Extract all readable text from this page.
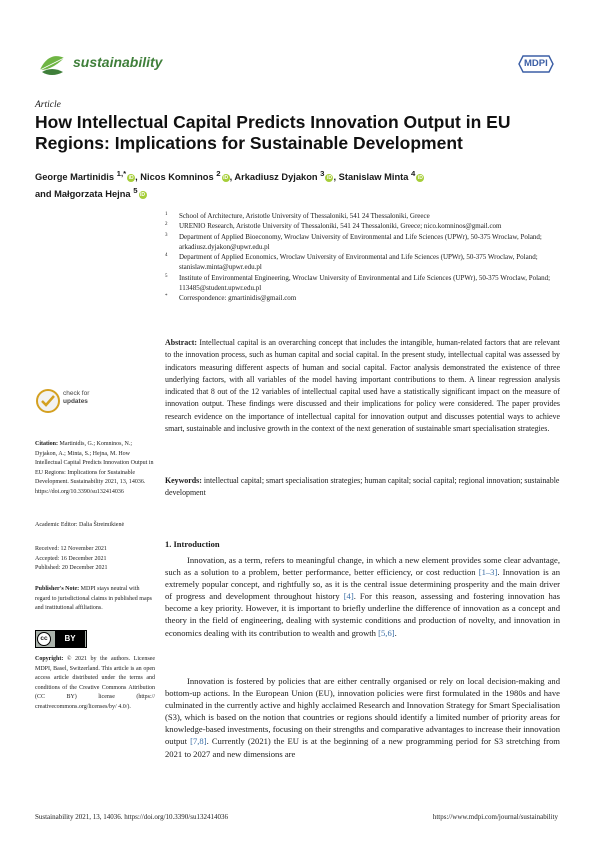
sustainability	MDPI
Article
How Intellectual Capital Predicts Innovation Output in EU Regions: Implications for Sustainable Development
George Martinidis $^{1,*}$iD , Nicos Komninos $^2$iD , Arkadiusz Dyjakon $^3$iD , Stanislaw Minta $^4$iD
and Małgorzata Hejna $^5$iD
1 School of Architecture, Aristotle University of Thessaloniki, 541 24 Thessaloniki, Greece
2 URENIO Research, Aristotle University of Thessaloniki, 541 24 Thessaloniki, Greece; nico.komninos@gmail.com
3 Department of Applied Bioeconomy, Wroclaw University of Environmental and Life Sciences (UPWr), 50-375 Wroclaw, Poland; arkadiusz.dyjakon@upwr.edu.pl
4 Department of Applied Economics, Wroclaw University of Environmental and Life Sciences (UPWr), 50-375 Wroclaw, Poland; stanislaw.minta@upwr.edu.pl
5 Institute of Environmental Engineering, Wroclaw University of Environmental and Life Sciences (UPWr), 50-375 Wroclaw, Poland; 113485@student.upwr.edu.pl
* Correspondence: gmartinidis@gmail.com
Abstract: Intellectual capital is an overarching concept that includes the intangible, human-related factors that are relevant to the innovation process, such as human capital and social capital. In the present study, intellectual capital was assessed by indicators measuring different aspects of human and social capital. Factor analysis demonstrated the existence of three underlying factors, with all variables of the model having important contributions to them. A linear regression analysis indicated that 8 out of the 12 variables of intellectual capital used have a statistically significant impact on the measure of innovation output. These findings were discussed and their implications for policy were considered. The paper provides research evidence on the importance of intellectual capital for innovation output and discusses potential ways to achieve smart, sustainable and inclusive growth in the context of the next generation of sustainable smart specialisation strategies.
Keywords: intellectual capital; smart specialisation strategies; human capital; social capital; regional innovation; sustainable development
check for
updates
Citation: Martinidis, G.; Komninos, N.; Dyjakon, A.; Minta, S.; Hejna, M. How Intellectual Capital Predicts Innovation Output in EU Regions: Implications for Sustainable Development. Sustainability 2021, 13, 14036. https://doi.org/10.3390/su132414036
Academic Editor: Dalia Štreimikienė
Received: 12 November 2021
Accepted: 16 December 2021
Published: 20 December 2021
Publisher's Note: MDPI stays neutral with regard to jurisdictional claims in published maps and institutional affiliations.
cc	BY
Copyright: © 2021 by the authors. Licensee MDPI, Basel, Switzerland. This article is an open access article distributed under the terms and conditions of the Creative Commons Attribution (CC BY) license (https:// creativecommons.org/licenses/by/ 4.0/).
1. Introduction
Innovation, as a term, refers to meaningful change, in which a new element provides some clear advantage, such as a solution to a problem, better performance, better efficiency, or cost reduction [1–3]. Innovation is an extremely popular concept, and rightfully so, as it is the central issue determining prosperity and the main driver of progress and development throughout history [4]. For this reason, assessing and fostering innovation has become a key priority. However, it is important to briefly underline the difference of innovation as a concept and theory in the field of engineering, dealing with systemic conditions and production of novelty, and innovation in economics dealing with its contribution to wealth and growth [5,6].
Innovation is fostered by policies that are either centrally organised or rely on local decision-making and bottom-up actions. In the European Union (EU), innovation policies were first formulated in the 1980s and have culminated in the currently active and highly acclaimed Research and Innovation Strategy for Smart Specialisation (S3), which is based on the notion that countries or regions should identify a limited number of priority areas for knowledge-based investments, focusing on their strengths and comparative advantages to increase their innovation output [7,8]. Currently (2021) the EU is at the beginning of a new programming period for S3 stretching from 2021 to 2027 and new dimensions are
Sustainability 2021, 13, 14036. https://doi.org/10.3390/su132414036	https://www.mdpi.com/journal/sustainability
